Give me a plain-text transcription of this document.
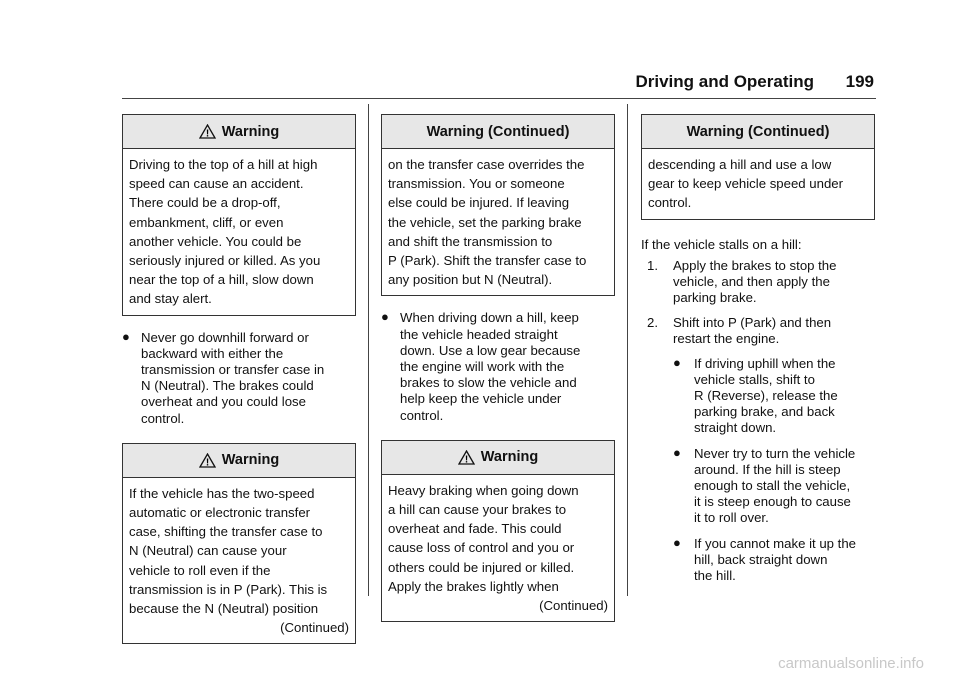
Driving and Operating 199
! Warning
Driving to the top of a hill at high
speed can cause an accident.
There could be a drop-off,
embankment, cliff, or even
another vehicle. You could be
seriously injured or killed. As you
near the top of a hill, slow down
and stay alert.
● Never go downhill forward or
backward with either the
transmission or transfer case in
N (Neutral). The brakes could
overheat and you could lose
control.
! Warning
If the vehicle has the two-speed
automatic or electronic transfer
case, shifting the transfer case to
N (Neutral) can cause your
vehicle to roll even if the
transmission is in P (Park). This is
because the N (Neutral) position
(Continued)
Warning (Continued)
on the transfer case overrides the
transmission. You or someone
else could be injured. If leaving
the vehicle, set the parking brake
and shift the transmission to
P (Park). Shift the transfer case to
any position but N (Neutral).
● When driving down a hill, keep
the vehicle headed straight
down. Use a low gear because
the engine will work with the
brakes to slow the vehicle and
help keep the vehicle under
control.
! Warning
Heavy braking when going down
a hill can cause your brakes to
overheat and fade. This could
cause loss of control and you or
others could be injured or killed.
Apply the brakes lightly when
(Continued)
Warning (Continued)
descending a hill and use a low
gear to keep vehicle speed under
control.
If the vehicle stalls on a hill:
1. Apply the brakes to stop the
vehicle, and then apply the
parking brake.
2. Shift into P (Park) and then
restart the engine.
● If driving uphill when the
vehicle stalls, shift to
R (Reverse), release the
parking brake, and back
straight down.
● Never try to turn the vehicle
around. If the hill is steep
enough to stall the vehicle,
it is steep enough to cause
it to roll over.
● If you cannot make it up the
hill, back straight down
the hill.
carmanualsonline.info
